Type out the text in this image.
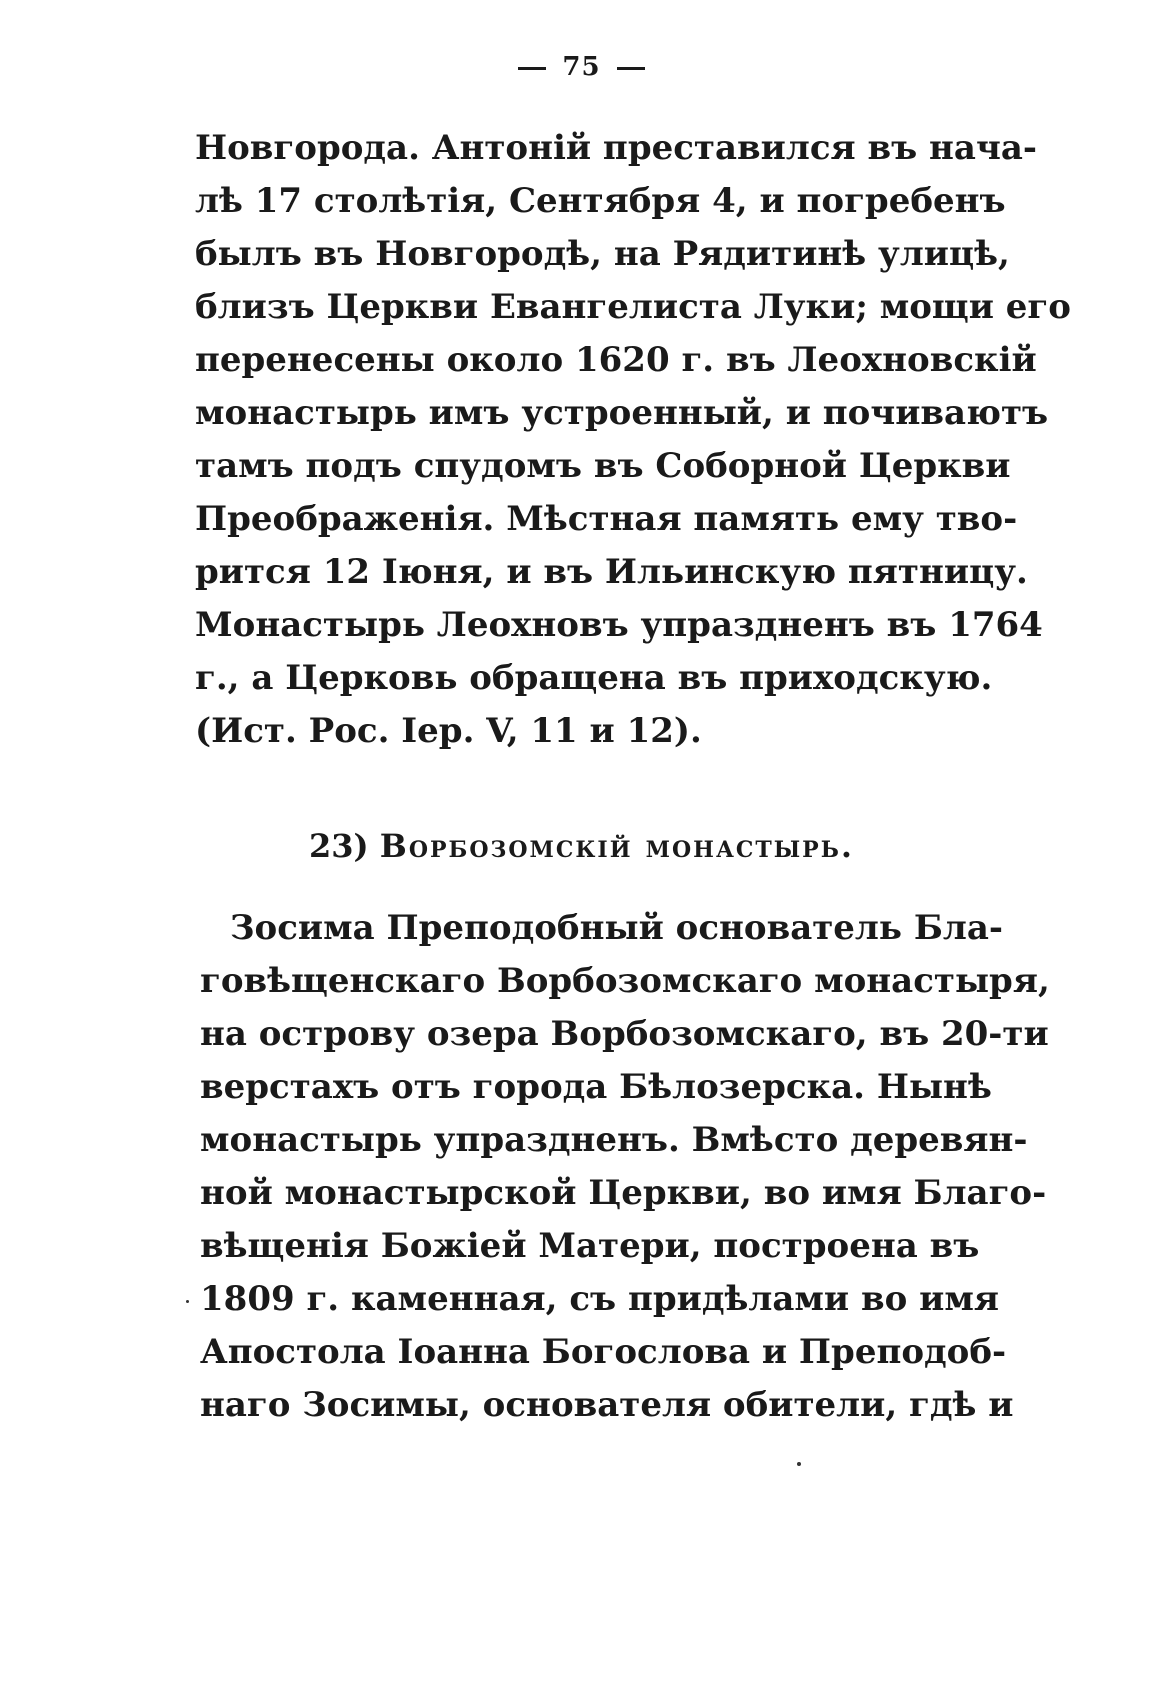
75
Новгорода. Антоній преставился въ нача-
лѣ 17 столѣтія, Сентября 4, и погребенъ
былъ въ Новгородѣ, на Рядитинѣ улицѣ,
близъ Церкви Евангелиста Луки; мощи его
перенесены около 1620 г. въ Леохновскій
монастырь имъ устроенный, и почиваютъ
тамъ подъ спудомъ въ Соборной Церкви
Преображенія. Мѣстная память ему тво-
рится 12 Іюня, и въ Ильинскую пятницу.
Монастырь Леохновъ упраздненъ въ 1764
г., а Церковь обращена въ приходскую.
(Ист. Рос. Іер. V, 11 и 12).
23) Ворбозомскій монастырь.
Зосима Преподобный основатель Бла-
говѣщенскаго Ворбозомскаго монастыря,
на острову озера Ворбозомскаго, въ 20-ти
верстахъ отъ города Бѣлозерска. Нынѣ
монастырь упраздненъ. Вмѣсто деревян-
ной монастырской Церкви, во имя Благо-
вѣщенія Божіей Матери, построена въ
1809 г. каменная, съ придѣлами во имя
Апостола Іоанна Богослова и Преподоб-
наго Зосимы, основателя обители, гдѣ и
